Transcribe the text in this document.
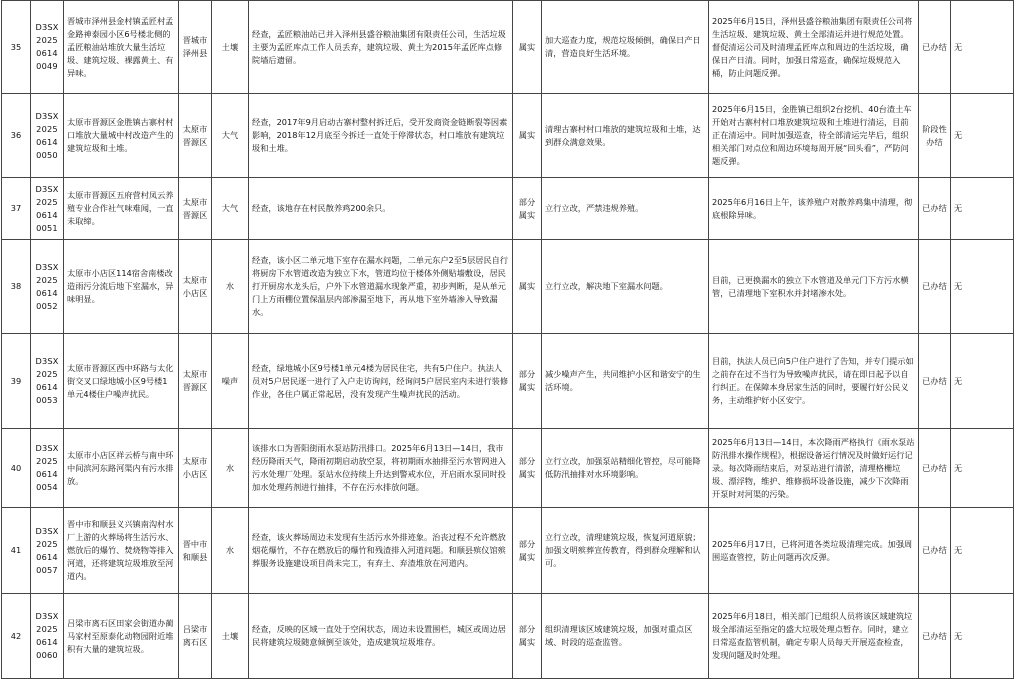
35	D3SX202506140049	晋城市泽州县金村镇孟匠村孟金路神泰园小区6号楼北侧的孟匠粮油站堆放大量生活垃圾、建筑垃圾、裸露黄土、有异味。	晋城市泽州县	土壤	经查，孟匠粮油站已并入泽州县盛谷粮油集团有限责任公司，生活垃圾主要为孟匠库点工作人员丢弃，建筑垃圾、黄土为2015年孟匠库点修院墙后遗留。	属实	加大巡查力度，规范垃圾倾倒，确保日产日清，营造良好生活环境。	2025年6月15日，泽州县盛谷粮油集团有限责任公司将生活垃圾、建筑垃圾、黄土全部清运并进行规范处置。督促清运公司及时清理孟匠库点和周边的生活垃圾，确保日产日清。同时，加强日常巡查，确保垃圾规范入桶，防止问题反弹。	已办结	无
36	D3SX202506140050	太原市晋源区金胜镇古寨村村口堆放大量城中村改造产生的建筑垃圾和土堆。	太原市晋源区	大气	经查，2017年9月启动古寨村整村拆迁后，受开发商资金链断裂等因素影响，2018年12月底至今拆迁一直处于停滞状态，村口堆放有建筑垃圾和土堆。	属实	清理古寨村村口堆放的建筑垃圾和土堆，达到群众满意效果。	2025年6月15日，金胜镇已组织2台挖机、40台渣土车开始对古寨村村口堆放建筑垃圾和土堆进行清运，目前正在清运中。同时加强巡查，待全部清运完毕后，组织相关部门对点位和周边环境每周开展“回头看”，严防问题反弹。	阶段性办结	无
37	D3SX202506140051	太原市晋源区五府营村凤云养殖专业合作社气味难闻，一直未取缔。	太原市晋源区	大气	经查，该地存在村民散养鸡200余只。	部分属实	立行立改，严禁违规养殖。	2025年6月16日上午，该养殖户对散养鸡集中清理，彻底根除异味。	已办结	无
38	D3SX202506140052	太原市小店区114宿舍南楼改造雨污分流后地下室漏水，异味明显。	太原市小店区	水	经查，该小区二单元地下室存在漏水问题，二单元东户2至5层居民自行将厨房下水管道改造为独立下水，管道均位于楼体外侧贴墙敷设，居民打开厨房水龙头后，户外下水管道漏水现象严重，初步判断，是从单元门上方雨棚位置保温层内部渗漏至地下，再从地下室外墙渗入导致漏水。	属实	立行立改，解决地下室漏水问题。	目前，已更换漏水的独立下水管道及单元门下方污水横管，已清理地下室积水并封堵渗水处。	已办结	无
39	D3SX202506140053	太原市晋源区西中环路与太化街交叉口绿地城小区9号楼1单元4楼住户噪声扰民。	太原市晋源区	噪声	经查，绿地城小区9号楼1单元4楼为居民住宅，共有5户住户。执法人员对5户居民逐一进行了入户走访询问，经询问5户居民室内未进行装修作业，各住户属正常起居，没有发现产生噪声扰民的活动。	部分属实	减少噪声产生，共同维护小区和谐安宁的生活环境。	目前，执法人员已向5户住户进行了告知，并专门提示如之前存在过不当行为导致噪声扰民，请在即日起予以自行纠正。在保障本身居家生活的同时，要履行好公民义务，主动维护好小区安宁。	已办结	无
40	D3SX202506140054	太原市小店区祥云桥与南中环中间滨河东路河渠内有污水排放。	太原市小店区	水	该排水口为晋阳街雨水泵站防汛排口。2025年6月13日—14日，我市经历降雨天气，降雨初期启动放空泵，将初期雨水抽排至污水管网进入污水处理厂处理。泵站水位持续上升达到警戒水位，开启雨水泵同时投加水处理药剂进行抽排，不存在污水排放问题。	部分属实	立行立改，加强泵站精细化管控，尽可能降低防汛抽排对水环境影响。	2025年6月13日—14日，本次降雨严格执行《雨水泵站防汛排水操作规程》，根据设备运行情况及时做好运行记录。每次降雨结束后，对泵站进行清淤，清理格栅垃圾、漂浮物，维护、维修损坏设备设施，减少下次降雨开泵时对河渠的污染。	已办结	无
41	D3SX202506140057	晋中市和顺县义兴镇南沟村水厂上游的火葬场将生活污水、燃放后的爆竹、焚烧物等排入河道，还将建筑垃圾堆放至河道内。	晋中市和顺县	水	经查，该火葬场周边未发现有生活污水外排迹象。治丧过程不允许燃放烟花爆竹，不存在燃放后的爆竹和残渣排入河道问题。和顺县殡仪馆殡葬服务设施建设项目尚未完工，有弃土、弃渣堆放在河道内。	部分属实	立行立改，清理建筑垃圾，恢复河道原貌；加强文明殡葬宣传教育，得到群众理解和认可。	2025年6月17日，已将河道各类垃圾清理完成。加强周围巡查管控，防止问题再次反弹。	已办结	无
42	D3SX202506140060	吕梁市离石区田家会街道办蔺马家村至原泰化动物园附近堆积有大量的建筑垃圾。	吕梁市离石区	土壤	经查，反映的区域一直处于空闲状态，周边未设置围栏，城区或周边居民将建筑垃圾随意倾倒至该处，造成建筑垃圾堆存。	部分属实	组织清理该区域建筑垃圾，加强对重点区域、时段的巡查监管。	2025年6月18日，相关部门已组织人员将该区域建筑垃圾全部清运至指定的盛大垃圾处理点暂存。同时，建立日常巡查监管机制，确定专职人员每天开展巡查检查，发现问题及时处理。	已办结	无
